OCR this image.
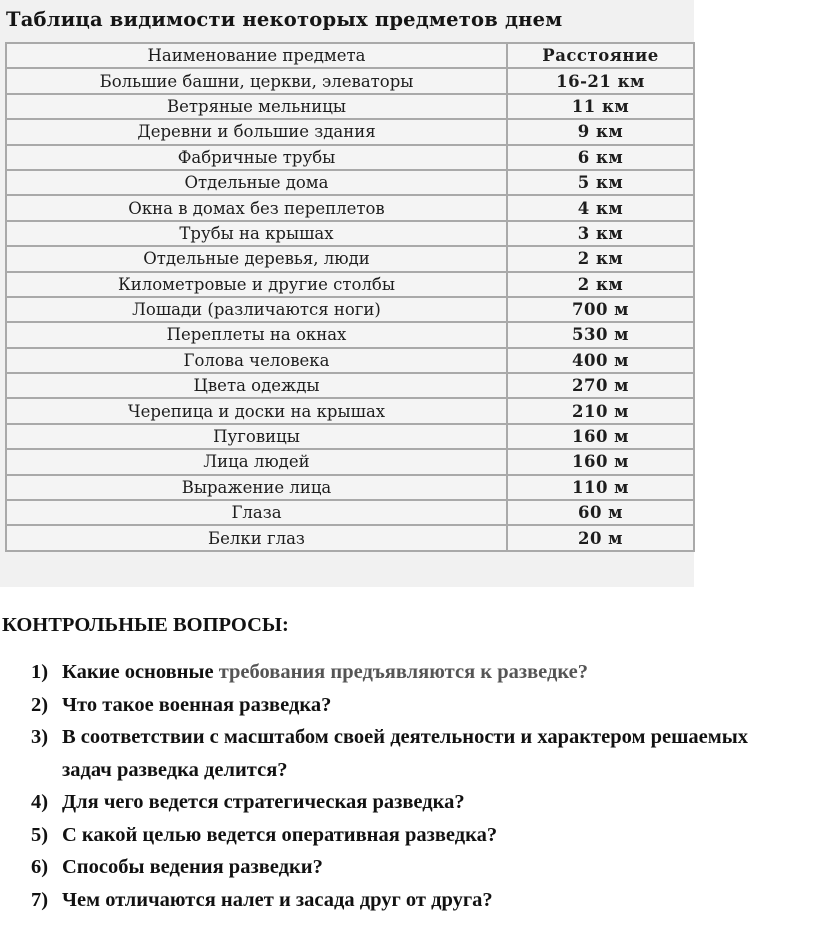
Таблица видимости некоторых предметов днем
Наименование предмета	Расстояние
Большие башни, церкви, элеваторы	16-21 км
Ветряные мельницы	11 км
Деревни и большие здания	9 км
Фабричные трубы	6 км
Отдельные дома	5 км
Окна в домах без переплетов	4 км
Трубы на крышах	3 км
Отдельные деревья, люди	2 км
Километровые и другие столбы	2 км
Лошади (различаются ноги)	700 м
Переплеты на окнах	530 м
Голова человека	400 м
Цвета одежды	270 м
Черепица и доски на крышах	210 м
Пуговицы	160 м
Лица людей	160 м
Выражение лица	110 м
Глаза	60 м
Белки глаз	20 м
КОНТРОЛЬНЫЕ ВОПРОСЫ:
1) Какие основные требования предъявляются к разведке?
2) Что такое военная разведка?
3) В соответствии с масштабом своей деятельности и характером решаемых задач разведка делится?
4) Для чего ведется стратегическая разведка?
5) С какой целью ведется оперативная разведка?
6) Способы ведения разведки?
7) Чем отличаются налет и засада друг от друга?
